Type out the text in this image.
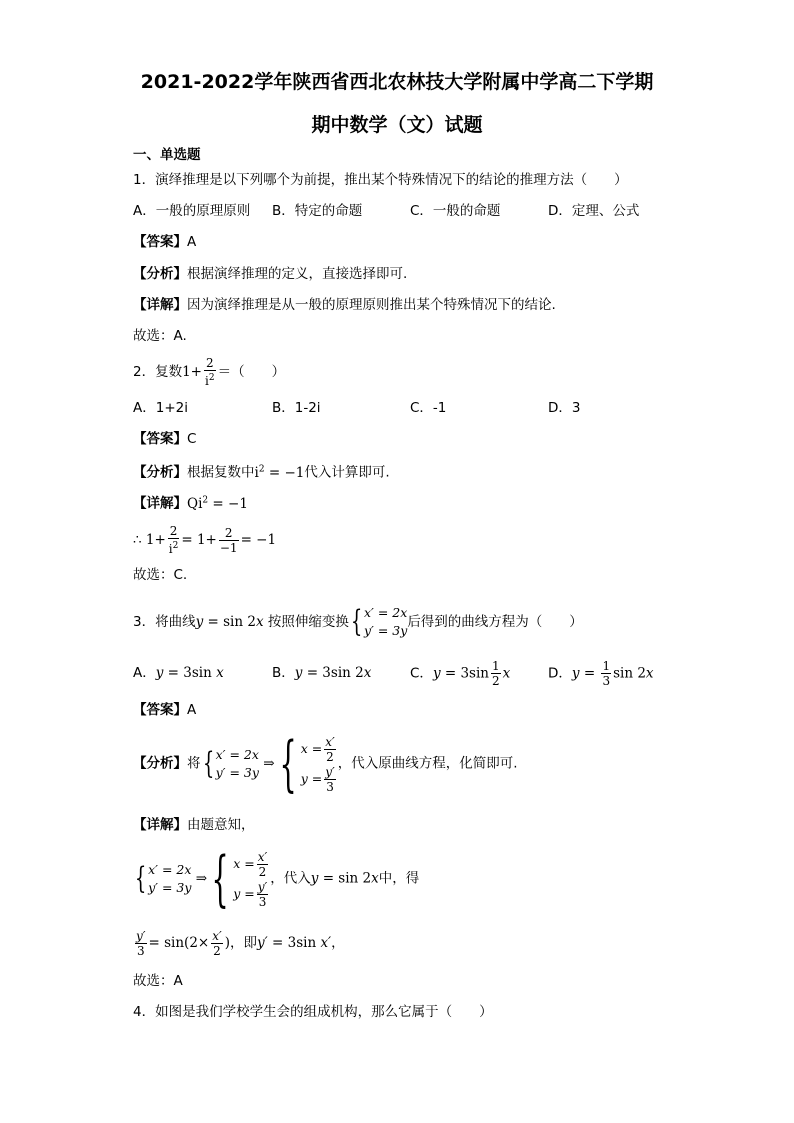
2021-2022学年陕西省西北农林技大学附属中学高二下学期
期中数学（文）试题
一、单选题
1．演绎推理是以下列哪个为前提，推出某个特殊情况下的结论的推理方法（　　）
A．一般的原理原则 B．特定的命题	C．一般的命题	D．定理、公式
【答案】A
【分析】根据演绎推理的定义，直接选择即可.
【详解】因为演绎推理是从一般的原理原则推出某个特殊情况下的结论.
故选：A.
2．复数$1+ \frac{2}{i^2}$ ＝（　　）
A．1+2i	B．1-2i	C．-1	D．3
【答案】C
【分析】根据复数中$i^2 = -1$代入计算即可.
【详解】$Qi^2 = -1$
∴ $1+ \frac{2}{i^2} = 1+ \frac{2}{-1} = -1$
故选：C.
3．将曲线y = sin 2x 按照伸缩变换{ x′ = 2x
y′ = 3y后得到的曲线方程为（　　）
A．y = 3sin x	B．y = 3sin 2x	C．$y = 3\sin \frac{1}{2}$ x	D．$y = \frac{1}{3}$ sin 2x
【答案】A
【分析】将{ x′ = 2x
y′ = 3y ⇒{ $x = \frac{x'}{2}$
$y = \frac{y'}{3}$
，代入原曲线方程，化简即可.
【详解】由题意知，
{ x′ = 2x
y′ = 3y ⇒{ $x = \frac{x'}{2}$
$y = \frac{y'}{3}$
，代入y = sin 2x中，得
$\frac{y'}{3} = \sin(2\times \frac{x'}{2}$ )，即y′ = 3sin x′，
故选：A
4．如图是我们学校学生会的组成机构，那么它属于（　　）
